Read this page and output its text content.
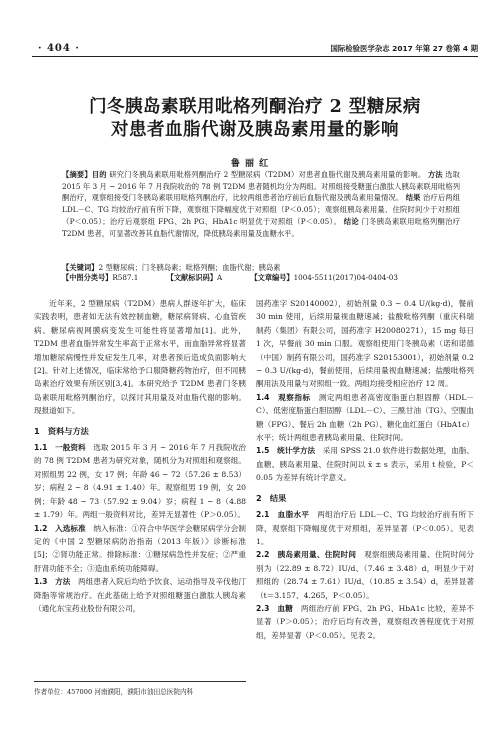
· 404 ·	国际检验医学杂志 2017 年第 27 卷第 4 期
门冬胰岛素联用吡格列酮治疗 2 型糖尿病
对患者血脂代谢及胰岛素用量的影响
鲁 丽 红
【摘要】目的 研究门冬胰岛素联用吡格列酮治疗 2 型糖尿病（T2DM）对患者血脂代谢及胰岛素用量的影响。 方法 选取 2015 年 3 月 ~ 2016 年 7 月我院收治的 78 例 T2DM 患者随机均分为两组。对照组接受糖蛋白激肽人胰岛素联用吡格列酮治疗，观察组接受门冬胰岛素联用吡格列酮治疗，比较两组患者治疗前后血脂代谢及胰岛素用量情况。 结果 治疗后两组 LDL－C、TG 均较治疗前有所下降，观察组下降幅度优于对照组（P＜0.05）；观察组胰岛素用量、住院时间少于对照组（P＜0.05）；治疗后观察组 FPG、2h PG、HbA1c 明显优于对照组（P＜0.05）。 结论 门冬胰岛素联用吡格列酮治疗 T2DM 患者，可显著改善其血脂代谢情况，降低胰岛素用量及血糖水平。
【关键词】2 型糖尿病；门冬胰岛素；吡格列酮；血脂代谢；胰岛素
【中图分类号】R587.1	【文献标识码】A	【文章编号】1004-5511(2017)04-0404-03

近年来，2 型糖尿病（T2DM）患病人群逐年扩大，临床实践表明，患者如无法有效控制血糖，糖尿病肾病、心血管疾病、糖尿病视网膜病变发生可能性将显著增加[1]。此外，T2DM 患者血脂异常发生率高于正常水平，而血脂异常将显著增加糖尿病慢性并发症发生几率，对患者预后造成负面影响大[2]。针对上述情况，临床常给予口服降糖药物治疗，但不同胰岛素治疗效果有所区别[3,4]。本研究给予 T2DM 患者门冬胰岛素联用吡格列酮治疗，以探讨其用量及对血脂代谢的影响。现报道如下。

1　资料与方法

1.1　一般资料　 选取 2015 年 3 月 ~ 2016 年 7 月我院收治的 78 例 T2DM 患者为研究对象，随机分为对照组和观察组。对照组男 22 例，女 17 例；年龄 46 ~ 72（57.26 ± 8.53）岁；病程 2 ~ 8（4.91 ± 1.40）年。观察组男 19 例，女 20 例；年龄 48 ~ 73（57.92 ± 9.04）岁；病程 1 ~ 8（4.88 ± 1.79）年。两组一般资料对比，差异无显著性（P＞0.05）。

1.2　入选标准　 纳入标准：①符合中华医学会糖尿病学分会制定的《中国 2 型糖尿病防治指南（2013 年版）》诊断标准[5]；②肾功能正常。排除标准：①糖尿病急性并发症；②严重肝肾功能不全；③造血系统功能障碍。

1.3　方法　 两组患者入院后均给予饮食、运动指导及辛伐他汀降脂等常规治疗。在此基础上给予对照组糖蛋白激肽人胰岛素（通化东宝药业股份有限公司，

国药准字 S20140002），初始剂量 0.3 ~ 0.4 U/(kg·d)，餐前 30 min 使用，后续用量视血糖速减；盐酸吡格列酮（重庆科瑞制药（集团）有限公司，国药准字 H20080271），15 mg 每日 1 次，早餐前 30 min 口服。观察组使用门冬胰岛素（诺和诺德（中国）制药有限公司，国药准字 S20153001），初始剂量 0.2 ~ 0.3 U/(kg·d)，餐前使用，后续用量视血糖速减；盐酸吡格列酮用法及用量与对照组一致。两组均接受相应治疗 12 周。

1.4　观察指标　 测定两组患者高密度脂蛋白胆固醇（HDL－C）、低密度脂蛋白胆固醇（LDL－C）、三酰甘油（TG）、空腹血糖（FPG）、餐后 2h 血糖（2h PG）、糖化血红蛋白（HbA1c）水平；统计两组患者胰岛素用量、住院时间。

1.5　统计学方法　 采用 SPSS 21.0 软件进行数据处理，血脂、血糖、胰岛素用量、住院时间以 x̄ ± s 表示，采用 t 检验，P＜0.05 为差异有统计学意义。

2　结果

2.1　血脂水平　 两组治疗后 LDL－C、TG 均较治疗前有所下降，观察组下降幅度优于对照组，差异显著（P＜0.05）。见表 1。

2.2　胰岛素用量、住院时间　 观察组胰岛素用量、住院时间分别为（22.89 ± 8.72）IU/d、（7.46 ± 3.48）d，明显少于对照组的（28.74 ± 7.61）IU/d、（10.85 ± 3.54）d，差异显著（t＝3.157、4.265，P＜0.05）。

2.3　血糖　 两组治疗前 FPG、2h PG、HbA1c 比较，差异不显著（P＞0.05）；治疗后均有改善，观察组改善程度优于对照组，差异显著（P＜0.05）。见表 2。

作者单位：457000 河南濮阳，濮阳市油田总医院内科
